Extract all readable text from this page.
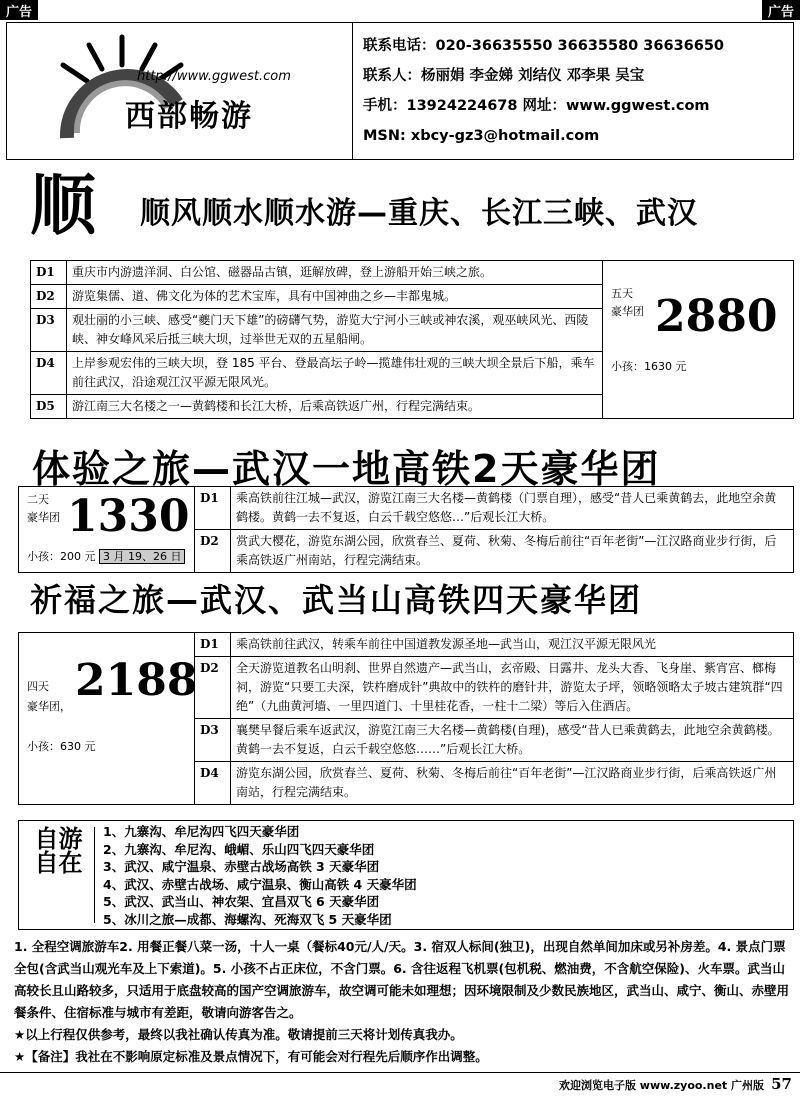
广告	广告
http://www.ggwest.com
西部畅游
联系电话：020-36635550 36635580 36636650
联系人：杨丽娟 李金娣 刘结仪 邓李果 吴宝
手机：13924224678 网址：www.ggwest.com
MSN: xbcy-gz3@hotmail.com
顺 顺风顺水顺水游—重庆、长江三峡、武汉
D1	重庆市内游遗洋洞、白公馆、磁器品古镇，逛解放碑，登上游船开始三峡之旅。	五天
豪华团 2880
小孩：1630 元

D2	游览集儒、道、佛文化为体的艺术宝库，具有中国神曲之乡—丰都鬼城。	
D3	观壮丽的小三峡、感受“夔门天下雄”的磅礴气势，游览大宁河小三峡或神农溪，观巫峡风光、西陵峡、神女峰风采后抵三峡大坝，过举世无双的五星船闸。	
D4	上岸参观宏伟的三峡大坝，登 185 平台、登最高坛子岭—揽雄伟壮观的三峡大坝全景后下船，乘车前往武汉，沿途观江汉平源无限风光。	
D5	游江南三大名楼之一—黄鹤楼和长江大桥，后乘高铁返广州，行程完满结束。	
体验之旅—武汉一地高铁2天豪华团
二天
豪华团 1330
小孩：200 元 3 月 19、26 日	D1	乘高铁前往江城—武汉，游览江南三大名楼—黄鹤楼（门票自理），感受“昔人已乘黄鹤去，此地空余黄鹤楼。黄鹤一去不复返，白云千载空悠悠…”后观长江大桥。
	D2	赏武大樱花，游览东湖公园，欣赏春兰、夏荷、秋菊、冬梅后前往“百年老街”—江汉路商业步行街，后乘高铁返广州南站，行程完满结束。
祈福之旅—武汉、武当山高铁四天豪华团
四天
豪华团，
2188
小孩：630 元	D1	乘高铁前往武汉，转乘车前往中国道教发源圣地—武当山，观江汉平源无限风光
	D2	全天游览道教名山明刹、世界自然遗产—武当山，玄帝殿、日露井、龙头大香、飞身崖、紫宵宫、榔梅祠，游览“只要工夫深，铁杵磨成针”典故中的铁杵的磨针井，游览太子坪，领略领略太子坡古建筑群“四绝”（九曲黄河墙、一里四道门、十里桂花香，一柱十二梁）等后入住酒店。
	D3	襄樊早餐后乘车返武汉，游览江南三大名楼—黄鹤楼(自理)，感受“昔人已乘黄鹤去，此地空余黄鹤楼。黄鹤一去不复返，白云千载空悠悠……”后观长江大桥。
	D4	游览东湖公园，欣赏春兰、夏荷、秋菊、冬梅后前往“百年老街”—江汉路商业步行街，后乘高铁返广州南站，行程完满结束。
自游自在
1、九寨沟、牟尼沟四飞四天豪华团
2、九寨沟、牟尼沟、峨嵋、乐山四飞四天豪华团
3、武汉、咸宁温泉、赤壁古战场高铁 3 天豪华团
4、武汉、赤壁古战场、咸宁温泉、衡山高铁 4 天豪华团
5、武汉、武当山、神农架、宜昌双飞 6 天豪华团
5、冰川之旅—成都、海螺沟、死海双飞 5 天豪华团

1. 全程空调旅游车2. 用餐正餐八菜一汤，十人一桌（餐标40元/人/天。3. 宿双人标间(独卫)，出现自然单间加床或另补房差。4. 景点门票全包(含武当山观光车及上下索道)。5. 小孩不占正床位，不含门票。6. 含往返程飞机票(包机税、燃油费，不含航空保险)、火车票。武当山高较长且山路较多，只适用于底盘较高的国产空调旅游车，故空调可能未如理想；因环境限制及少数民族地区，武当山、咸宁、衡山、赤壁用餐条件、住宿标准与城市有差距，敬请向游客告之。

★以上行程仅供参考，最终以我社确认传真为准。敬请提前三天将计划传真我办。

★【备注】我社在不影响原定标准及景点情况下，有可能会对行程先后顺序作出调整。

欢迎浏览电子版 www.zyoo.net 广州版 57
